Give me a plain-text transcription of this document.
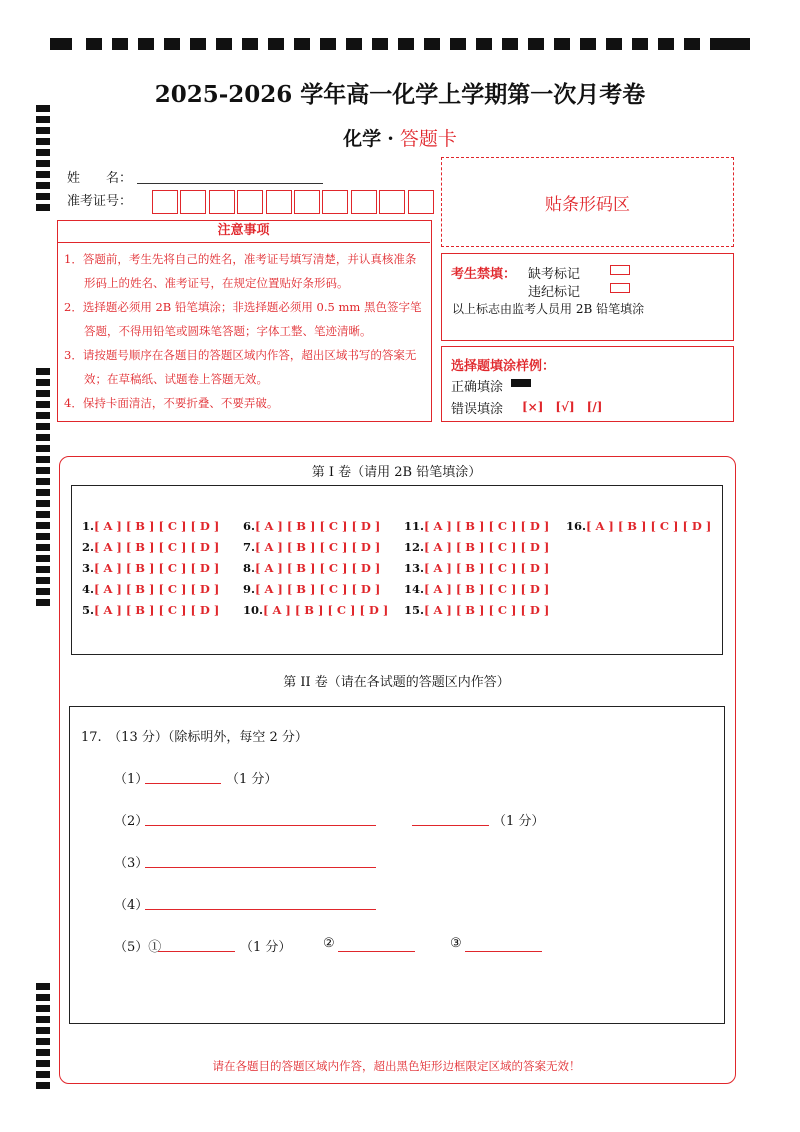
2025-2026 学年高一化学上学期第一次月考卷
化学 · 答题卡
姓　　名：
准考证号：	贴条形码区
注意事项

1．答题前，考生先将自己的姓名，准考证号填写清楚，并认真核准条形码上的姓名、准考证号，在规定位置贴好条形码。

2．选择题必须用 2B 铅笔填涂；非选择题必须用 0.5 mm 黑色签字笔答题，不得用铅笔或圆珠笔答题；字体工整、笔迹清晰。

3．请按题号顺序在各题目的答题区域内作答，超出区域书写的答案无效；在草稿纸、试题卷上答题无效。

4．保持卡面清洁，不要折叠、不要弄破。

考生禁填： 缺考标记
违纪标记
以上标志由监考人员用 2B 铅笔填涂
选择题填涂样例：
正确填涂
错误填涂 [×]　[√]　[/]
第 I 卷（请用 2B 铅笔填涂）
1.[ A ] [ B ] [ C ] [ D ]
2.[ A ] [ B ] [ C ] [ D ]
3.[ A ] [ B ] [ C ] [ D ]
4.[ A ] [ B ] [ C ] [ D ]
5.[ A ] [ B ] [ C ] [ D ]
6.[ A ] [ B ] [ C ] [ D ]
7.[ A ] [ B ] [ C ] [ D ]
8.[ A ] [ B ] [ C ] [ D ]
9.[ A ] [ B ] [ C ] [ D ]
10.[ A ] [ B ] [ C ] [ D ]
11.[ A ] [ B ] [ C ] [ D ]
12.[ A ] [ B ] [ C ] [ D ]
13.[ A ] [ B ] [ C ] [ D ]
14.[ A ] [ B ] [ C ] [ D ]
15.[ A ] [ B ] [ C ] [ D ]
16.[ A ] [ B ] [ C ] [ D ]
第 II 卷（请在各试题的答题区内作答）
17.　（13 分）（除标明外，每空 2 分）
（1）	（1 分）
（2）	（1 分）
（3）
（4）
（5）①	（1 分） ②	③
请在各题目的答题区域内作答，超出黑色矩形边框限定区域的答案无效！
